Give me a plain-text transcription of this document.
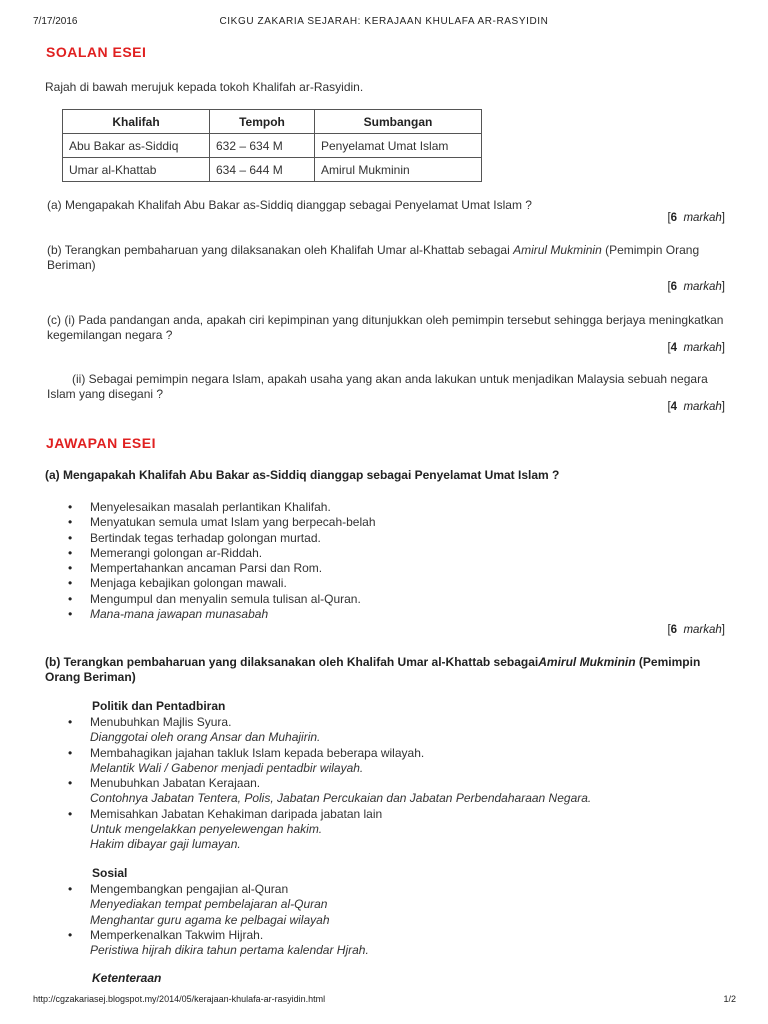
7/17/2016	CIKGU ZAKARIA SEJARAH: KERAJAAN KHULAFA AR-RASYIDIN
SOALAN ESEI
Rajah di bawah merujuk kepada tokoh Khalifah ar-Rasyidin.
Khalifah	Tempoh	Sumbangan
Abu Bakar as-Siddiq	632 – 634 M	Penyelamat Umat Islam
Umar al-Khattab	634 – 644 M	Amirul Mukminin
(a) Mengapakah Khalifah Abu Bakar as-Siddiq dianggap sebagai Penyelamat Umat Islam ?
[6 markah]
(b) Terangkan pembaharuan yang dilaksanakan oleh Khalifah Umar al-Khattab sebagai Amirul Mukminin (Pemimpin Orang Beriman)
[6 markah]
(c) (i) Pada pandangan anda, apakah ciri kepimpinan yang ditunjukkan oleh pemimpin tersebut sehingga berjaya meningkatkan kegemilangan negara ?
[4 markah]
(ii) Sebagai pemimpin negara Islam, apakah usaha yang akan anda lakukan untuk menjadikan Malaysia sebuah negara Islam yang disegani ?
[4 markah]
JAWAPAN ESEI
(a) Mengapakah Khalifah Abu Bakar as-Siddiq dianggap sebagai Penyelamat Umat Islam ?
• Menyelesaikan masalah perlantikan Khalifah.
• Menyatukan semula umat Islam yang berpecah-belah
• Bertindak tegas terhadap golongan murtad.
• Memerangi golongan ar-Riddah.
• Mempertahankan ancaman Parsi dan Rom.
• Menjaga kebajikan golongan mawali.
• Mengumpul dan menyalin semula tulisan al-Quran.
• Mana-mana jawapan munasabah
[6 markah]
(b) Terangkan pembaharuan yang dilaksanakan oleh Khalifah Umar al-Khattab sebagaiAmirul Mukminin (Pemimpin Orang Beriman)
Politik dan Pentadbiran
• Menubuhkan Majlis Syura.
Dianggotai oleh orang Ansar dan Muhajirin.
• Membahagikan jajahan takluk Islam kepada beberapa wilayah.
Melantik Wali / Gabenor menjadi pentadbir wilayah.
• Menubuhkan Jabatan Kerajaan.
Contohnya Jabatan Tentera, Polis, Jabatan Percukaian dan Jabatan Perbendaharaan Negara.
• Memisahkan Jabatan Kehakiman daripada jabatan lain
Untuk mengelakkan penyelewengan hakim.
Hakim dibayar gaji lumayan.
Sosial
• Mengembangkan pengajian al-Quran
Menyediakan tempat pembelajaran al-Quran
Menghantar guru agama ke pelbagai wilayah
• Memperkenalkan Takwim Hijrah.
Peristiwa hijrah dikira tahun pertama kalendar Hjrah.
Ketenteraan
http://cgzakariasej.blogspot.my/2014/05/kerajaan-khulafa-ar-rasyidin.html	1/2
